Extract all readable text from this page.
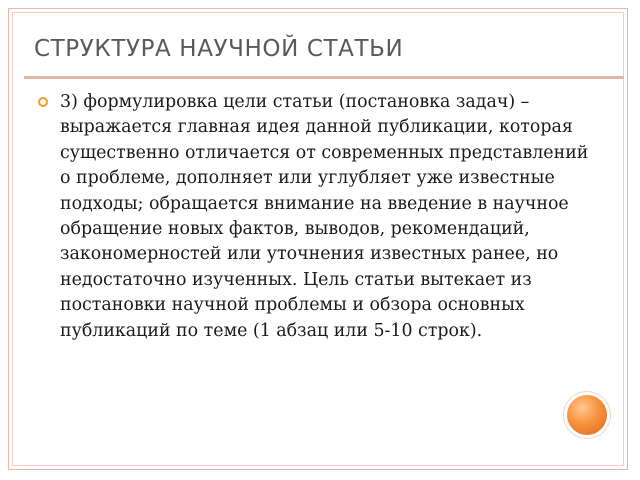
СТРУКТУРА НАУЧНОЙ СТАТЬИ
3) формулировка цели статьи (постановка задач) – выражается главная идея данной публикации, которая существенно отличается от современных представлений о проблеме, дополняет или углубляет уже известные подходы; обращается внимание на введение в научное обращение новых фактов, выводов, рекомендаций, закономерностей или уточнения известных ранее, но недостаточно изученных. Цель статьи вытекает из постановки научной проблемы и обзора основных публикаций по теме (1 абзац или 5-10 строк).
